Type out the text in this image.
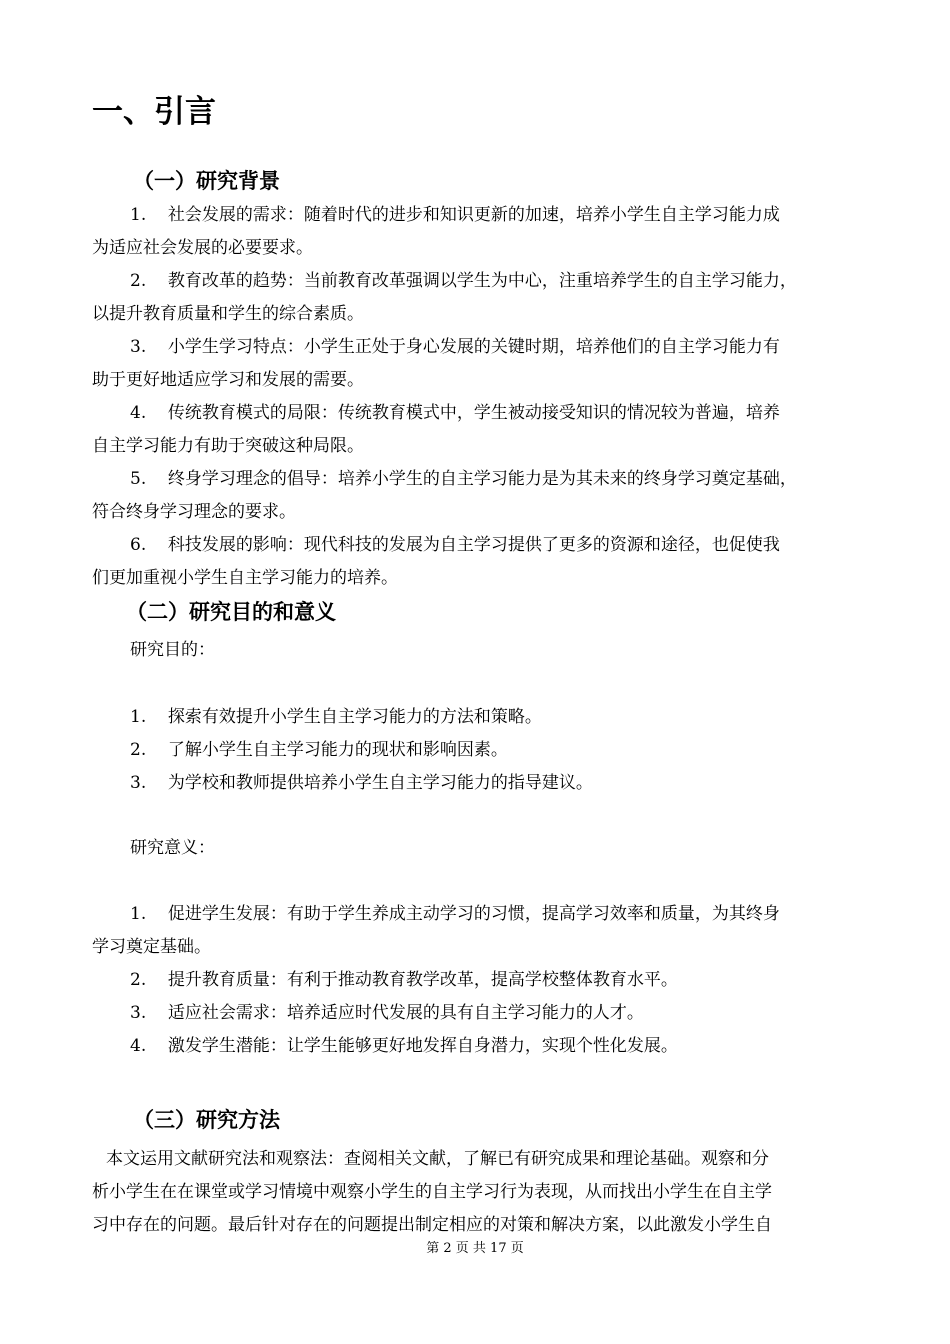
一、引言
（一）研究背景
1. 社会发展的需求：随着时代的进步和知识更新的加速，培养小学生自主学习能力成
为适应社会发展的必要要求。
2. 教育改革的趋势：当前教育改革强调以学生为中心，注重培养学生的自主学习能力，
以提升教育质量和学生的综合素质。
3. 小学生学习特点：小学生正处于身心发展的关键时期，培养他们的自主学习能力有
助于更好地适应学习和发展的需要。
4. 传统教育模式的局限：传统教育模式中，学生被动接受知识的情况较为普遍，培养
自主学习能力有助于突破这种局限。
5. 终身学习理念的倡导：培养小学生的自主学习能力是为其未来的终身学习奠定基础，
符合终身学习理念的要求。
6. 科技发展的影响：现代科技的发展为自主学习提供了更多的资源和途径，也促使我
们更加重视小学生自主学习能力的培养。
（二）研究目的和意义
研究目的：
1. 探索有效提升小学生自主学习能力的方法和策略。
2. 了解小学生自主学习能力的现状和影响因素。
3. 为学校和教师提供培养小学生自主学习能力的指导建议。
研究意义：
1. 促进学生发展：有助于学生养成主动学习的习惯，提高学习效率和质量，为其终身
学习奠定基础。
2. 提升教育质量：有利于推动教育教学改革，提高学校整体教育水平。
3. 适应社会需求：培养适应时代发展的具有自主学习能力的人才。
4. 激发学生潜能：让学生能够更好地发挥自身潜力，实现个性化发展。
（三）研究方法
本文运用文献研究法和观察法：查阅相关文献，了解已有研究成果和理论基础。观察和分
析小学生在在课堂或学习情境中观察小学生的自主学习行为表现，从而找出小学生在自主学
习中存在的问题。最后针对存在的问题提出制定相应的对策和解决方案，以此激发小学生自
第 2 页 共 17 页
